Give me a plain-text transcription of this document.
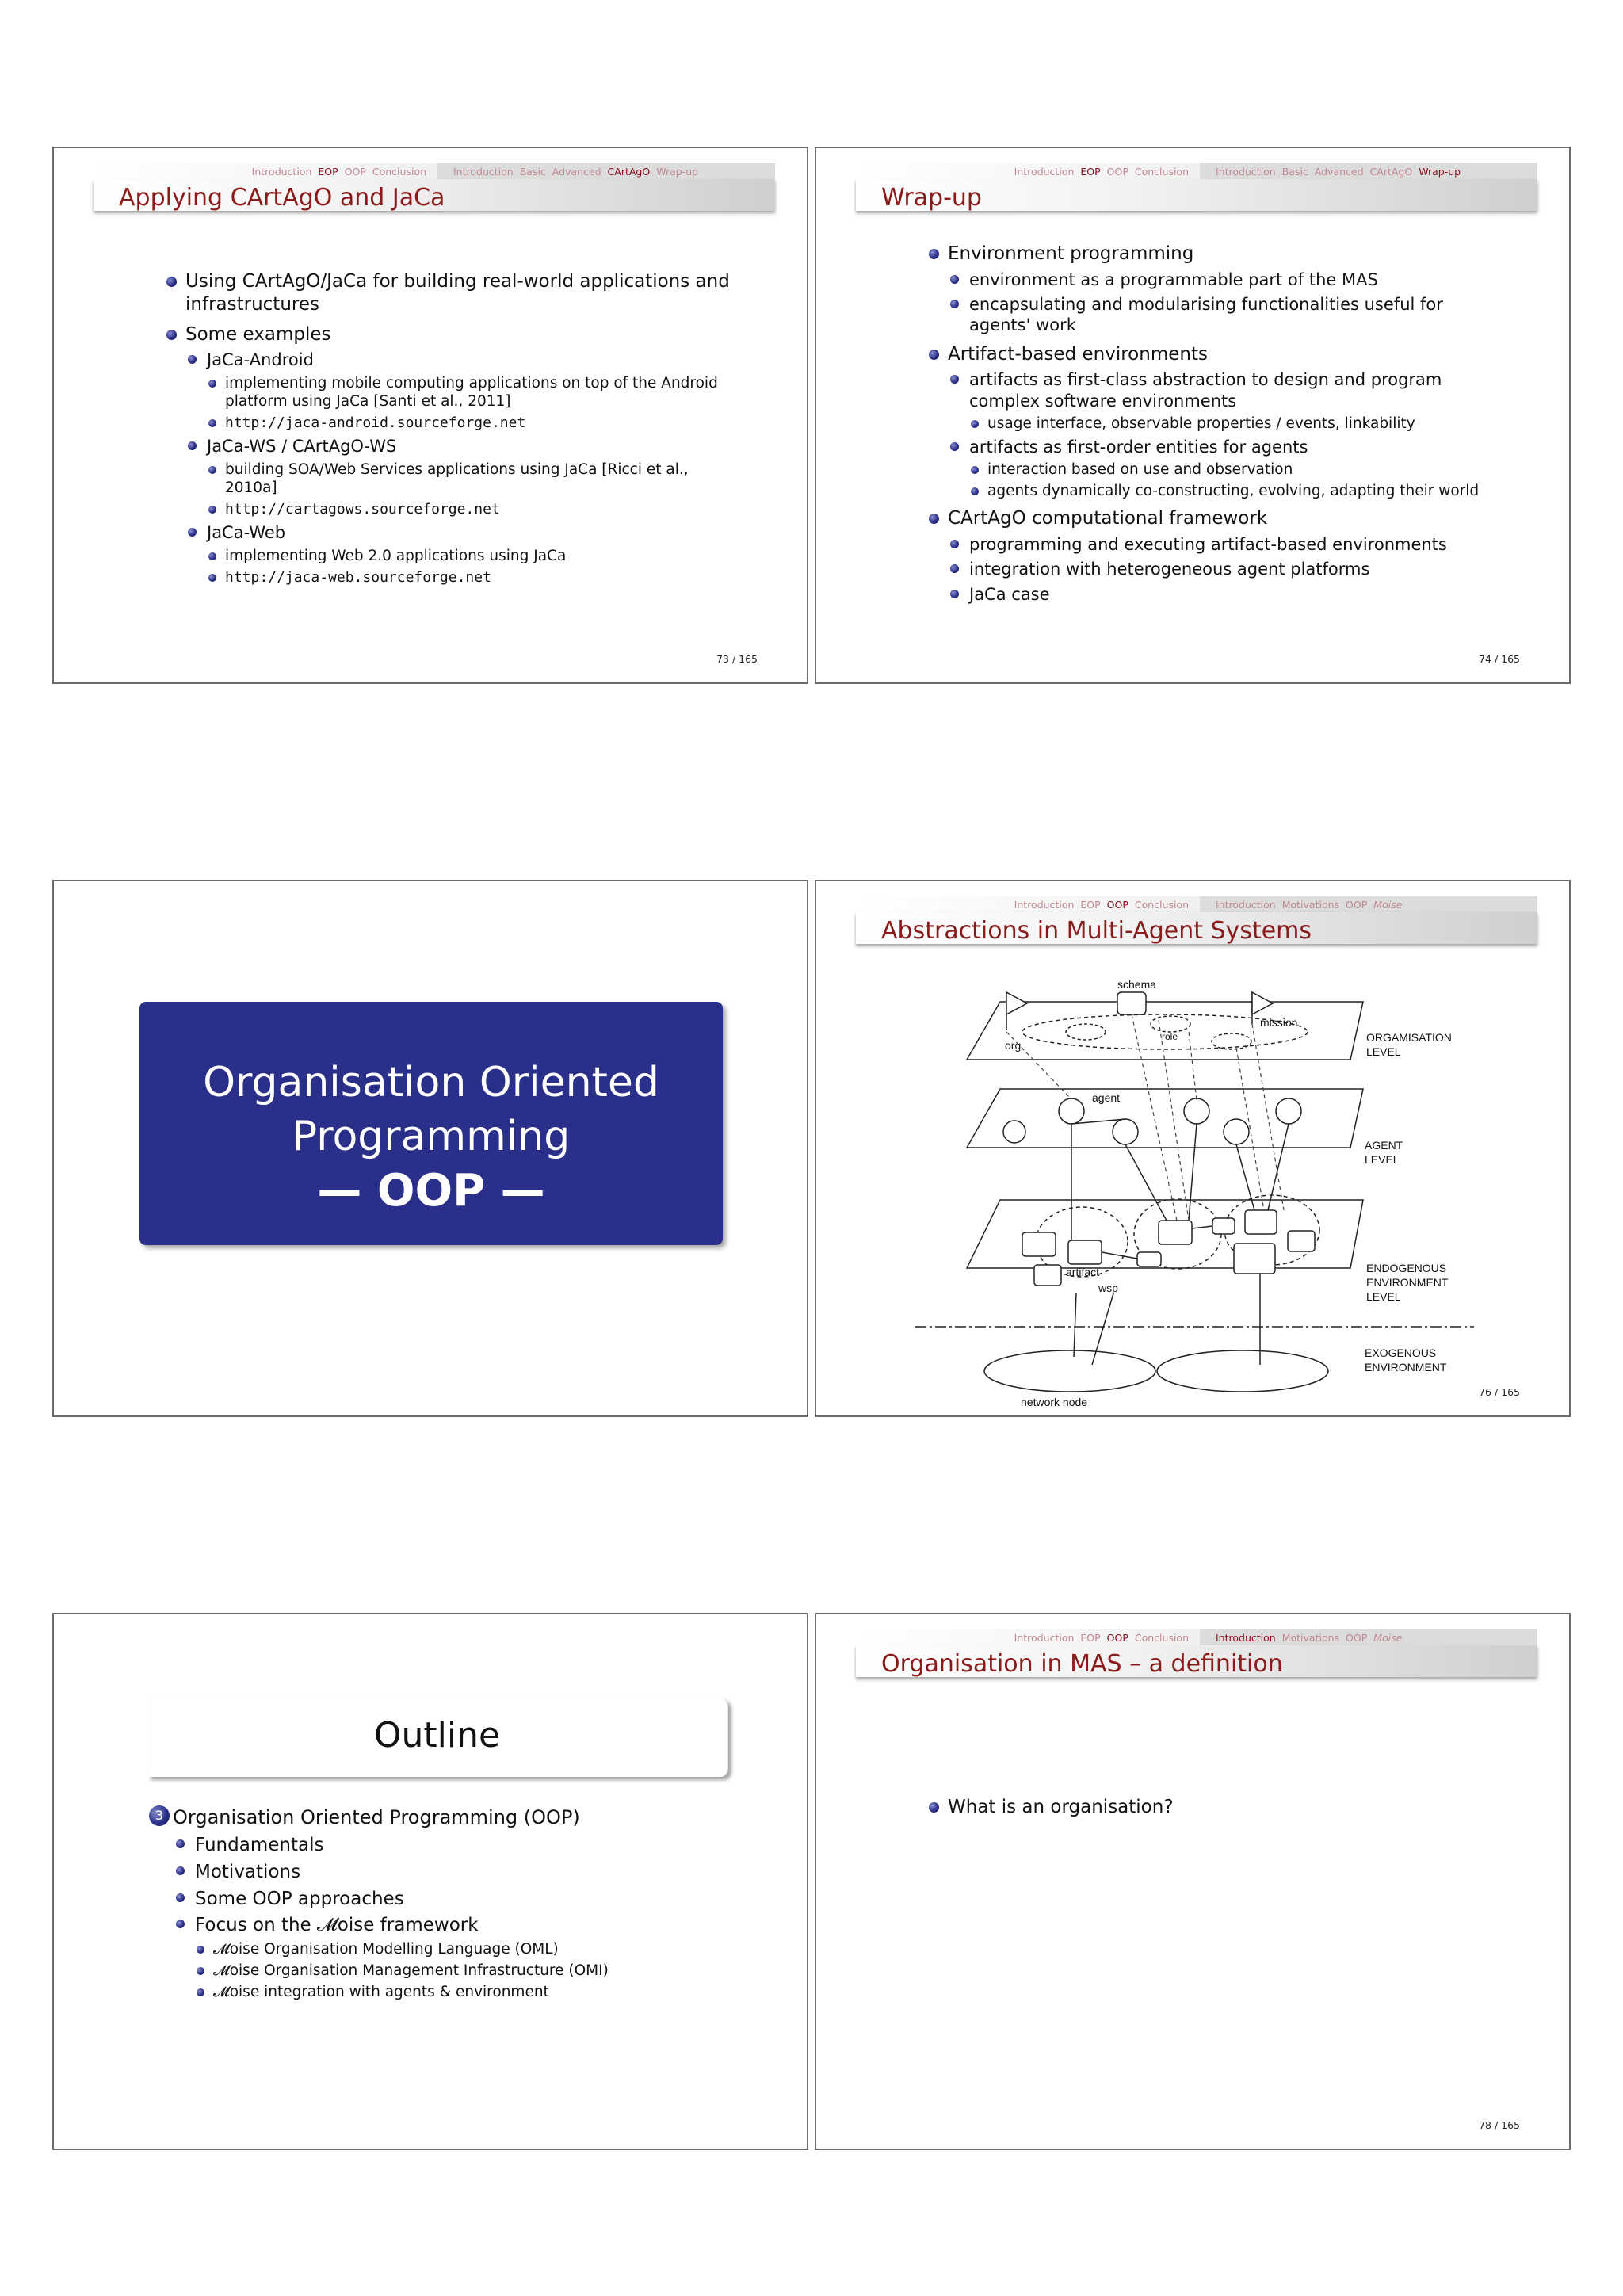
Introduction EOP OOP Conclusion	Introduction Basic Advanced CArtAgO Wrap-up
Applying CArtAgO and JaCa
Using CArtAgO/JaCa for building real-world applications and infrastructures
Some examples
JaCa-Android
implementing mobile computing applications on top of the Android platform using JaCa [Santi et al., 2011]
http://jaca-android.sourceforge.net
JaCa-WS / CArtAgO-WS
building SOA/Web Services applications using JaCa [Ricci et al., 2010a]
http://cartagows.sourceforge.net
JaCa-Web
implementing Web 2.0 applications using JaCa
http://jaca-web.sourceforge.net
73 / 165
Introduction EOP OOP Conclusion	Introduction Basic Advanced CArtAgO Wrap-up
Wrap-up
Environment programming
environment as a programmable part of the MAS
encapsulating and modularising functionalities useful for agents' work
Artifact-based environments
artifacts as first-class abstraction to design and program complex software environments
usage interface, observable properties / events, linkability
artifacts as first-order entities for agents
interaction based on use and observation
agents dynamically co-constructing, evolving, adapting their world
CArtAgO computational framework
programming and executing artifact-based environments
integration with heterogeneous agent platforms
JaCa case
74 / 165
Organisation Oriented
Programming
— OOP —
Introduction EOP OOP Conclusion	Introduction Motivations OOP Moise
Abstractions in Multi-Agent Systems
schema
mission
role
org
agent
artifact
wsp
network node
ORGAMISATION
LEVEL
AGENT
LEVEL
ENDOGENOUS
ENVIRONMENT
LEVEL
EXOGENOUS
ENVIRONMENT
76 / 165
Outline
3 Organisation Oriented Programming (OOP)
Fundamentals
Motivations
Some OOP approaches
Focus on the 𝓜oise framework
𝓜oise Organisation Modelling Language (OML)
𝓜oise Organisation Management Infrastructure (OMI)
𝓜oise integration with agents & environment
Introduction EOP OOP Conclusion	Introduction Motivations OOP Moise
Organisation in MAS – a definition
What is an organisation?
78 / 165
